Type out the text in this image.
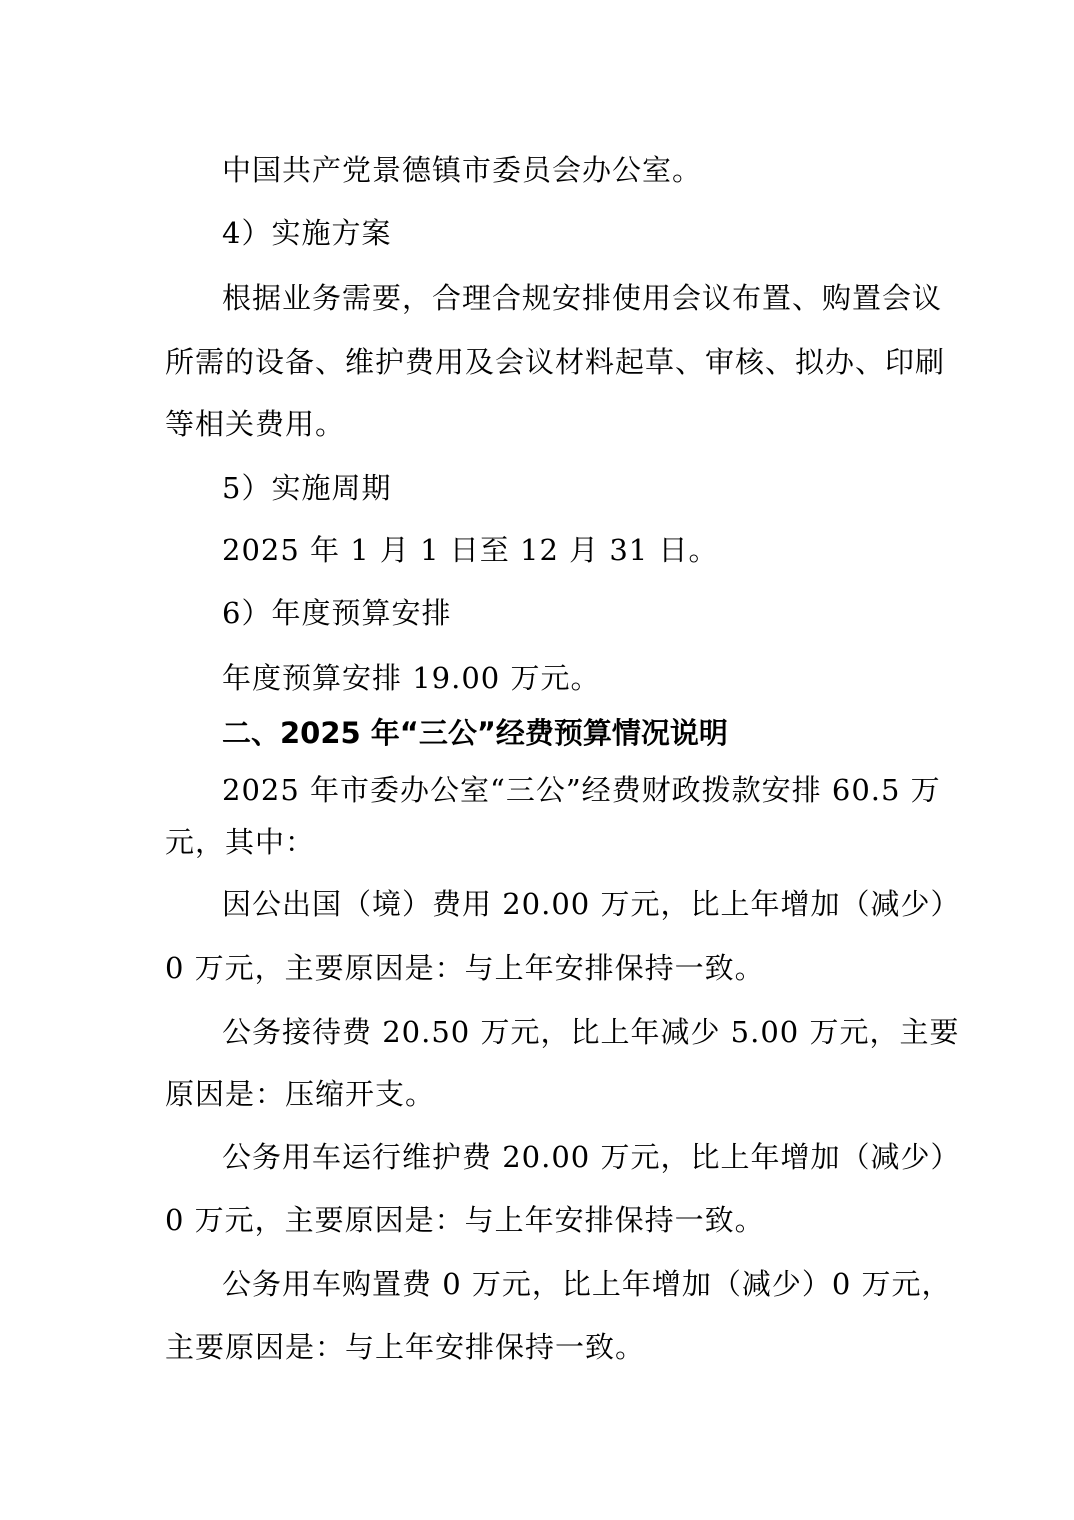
中国共产党景德镇市委员会办公室。
4）实施方案
根据业务需要，合理合规安排使用会议布置、购置会议
所需的设备、维护费用及会议材料起草、审核、拟办、印刷
等相关费用。
5）实施周期
2025 年 1 月 1 日至 12 月 31 日。
6）年度预算安排
年度预算安排 19.00 万元。
二、2025 年“三公”经费预算情况说明
2025 年市委办公室“三公”经费财政拨款安排 60.5 万
元，其中：
因公出国（境）费用 20.00 万元，比上年增加（减少）
0 万元，主要原因是：与上年安排保持一致。
公务接待费 20.50 万元，比上年减少 5.00 万元，主要
原因是：压缩开支。
公务用车运行维护费 20.00 万元，比上年增加（减少）
0 万元，主要原因是：与上年安排保持一致。
公务用车购置费 0 万元，比上年增加（减少）0 万元，
主要原因是：与上年安排保持一致。
